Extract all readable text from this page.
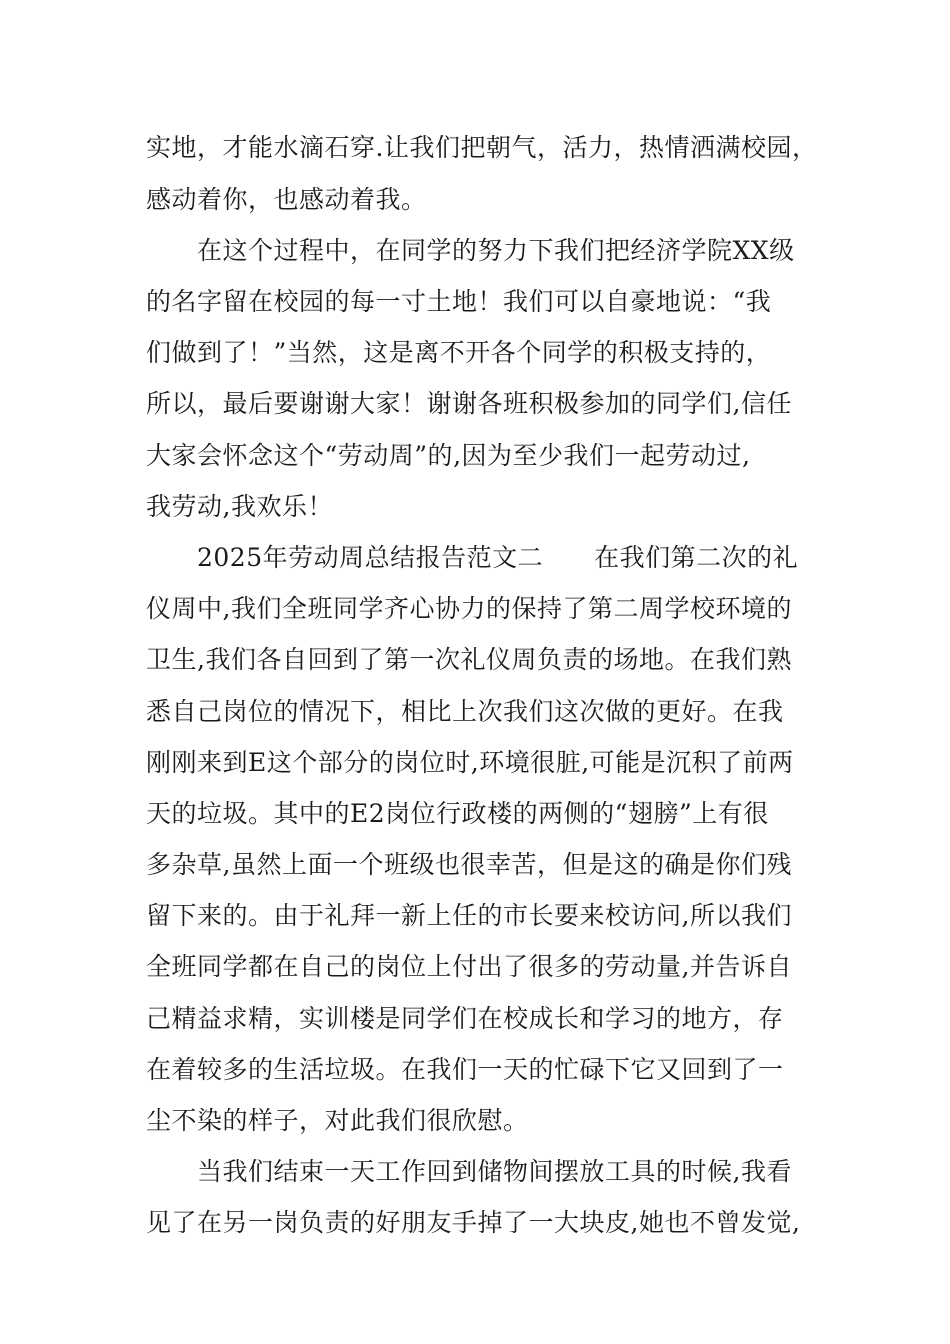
实地，才能水滴石穿.让我们把朝气，活力，热情洒满校园，
感动着你，也感动着我。
在这个过程中，在同学的努力下我们把经济学院XX级
的名字留在校园的每一寸土地！我们可以自豪地说：“我
们做到了！”当然，这是离不开各个同学的积极支持的，
所以，最后要谢谢大家！谢谢各班积极参加的同学们,信任
大家会怀念这个“劳动周”的,因为至少我们一起劳动过,
我劳动,我欢乐！
2025年劳动周总结报告范文二　　在我们第二次的礼
仪周中,我们全班同学齐心协力的保持了第二周学校环境的
卫生,我们各自回到了第一次礼仪周负责的场地。在我们熟
悉自己岗位的情况下，相比上次我们这次做的更好。在我
刚刚来到E这个部分的岗位时,环境很脏,可能是沉积了前两
天的垃圾。其中的E2岗位行政楼的两侧的“翅膀”上有很
多杂草,虽然上面一个班级也很幸苦，但是这的确是你们残
留下来的。由于礼拜一新上任的市长要来校访问,所以我们
全班同学都在自己的岗位上付出了很多的劳动量,并告诉自
己精益求精，实训楼是同学们在校成长和学习的地方，存
在着较多的生活垃圾。在我们一天的忙碌下它又回到了一
尘不染的样子，对此我们很欣慰。
当我们结束一天工作回到储物间摆放工具的时候,我看
见了在另一岗负责的好朋友手掉了一大块皮,她也不曾发觉,
